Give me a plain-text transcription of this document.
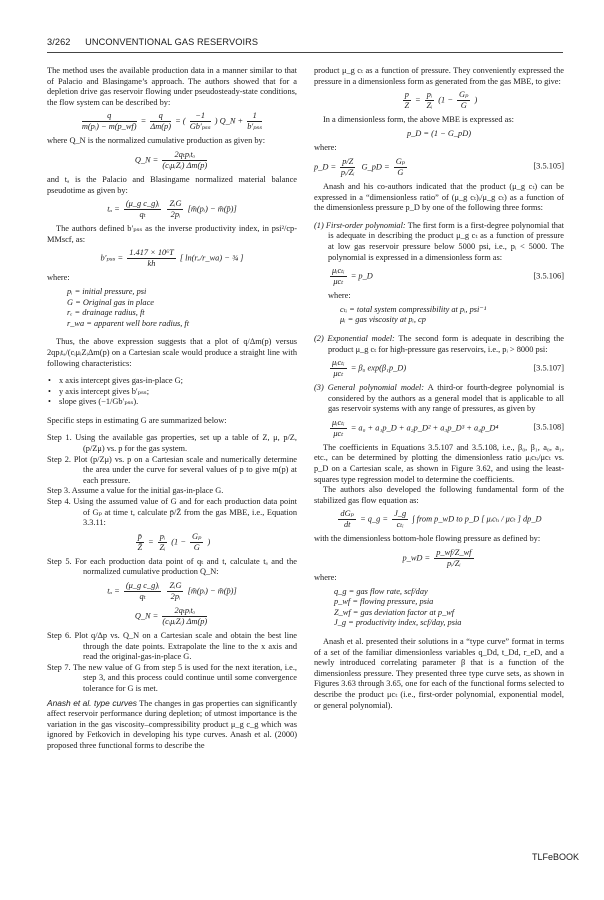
3/262 UNCONVENTIONAL GAS RESERVOIRS

The method uses the available production data in a manner similar to that of Palacio and Blasingame’s approach. The authors showed that for a depletion drive gas reservoir flowing under pseudosteady-state conditions, the flow system can be described by:

$\frac{q}{\text{m(pᵢ) − m(p\_wf)}} = \frac{q}{\Delta m(p)}$ = ( $\frac{-1}{\text{Gb′ₚₛₛ}}$ ) Q_N + $\frac{1}{\text{b′ₚₛₛ}}$

where Q_N is the normalized cumulative production as given by:

Q_N = $\frac{\text{2qₜpᵢtₐ}}{\text{(cᵢμᵢZᵢ) Δm(p)}}$

and tₐ is the Palacio and Blasingame normalized material balance pseudotime as given by:

$t_a = \frac{\text{(μ\_g c\_g)ᵢ}}{\text{qₜ}}$
$\frac{\text{ZᵢG}}{\text{2pᵢ}}$ [m̄(pᵢ) − m̄(p̄)]

The authors defined b′ₚₛₛ as the inverse productivity index, in psi²/cp-MMscf, as:

$b'_{pss} = \frac{\text{1.417 × 10⁶T}}{kh}$ [ ln(rₑ/r_wa) − ¾ ]

where:

pᵢ = initial pressure, psi
G = Original gas in place
rₑ = drainage radius, ft
r_wa = apparent well bore radius, ft

Thus, the above expression suggests that a plot of q/Δm(p) versus 2qpᵢtₐ/(cᵢμᵢZᵢΔm(p) on a Cartesian scale would produce a straight line with following characteristics:

• x axis intercept gives gas-in-place G;
• y axis intercept gives b′ₚₛₛ;
• slope gives (−1/Gb′ₚₛₛ).

Specific steps in estimating G are summarized below:

Step 1. Using the available gas properties, set up a table of Z, μ, p/Z, (p/Zμ) vs. p for the gas system.
Step 2. Plot (p/Zμ) vs. p on a Cartesian scale and numerically determine the area under the curve for several values of p to give m(p) at each pressure.
Step 3. Assume a value for the initial gas-in-place G.
Step 4. Using the assumed value of G and for each production data point of Gₚ at time t, calculate p̄/Z̄ from the gas MBE, i.e., Equation 3.3.11:
$\frac{p̄}{Z̄} = \frac{\text{pᵢ}}{\text{Zᵢ}} (1 - \frac{\text{Gₚ}}{G}$ )
Step 5. For each production data point of qₜ and t, calculate tₐ and the normalized cumulative production Q_N:
$t_a = \frac{\text{(μ\_g c\_g)ᵢ}}{\text{qₜ}}$
$\frac{\text{ZᵢG}}{\text{2pᵢ}}$ [m̄(pᵢ) − m̄(p̄)]
Q_N = $\frac{\text{2qₜpᵢtₐ}}{\text{(cᵢμᵢZᵢ) Δm(p)}}$
Step 6. Plot q/Δp vs. Q_N on a Cartesian scale and obtain the best line through the date points. Extrapolate the line to the x axis and read the original-gas-in-place G.
Step 7. The new value of G from step 5 is used for the next iteration, i.e., step 3, and this process could continue until some convergence tolerance for G is met.

Anash et al. type curves The changes in gas properties can significantly affect reservoir performance during depletion; of utmost importance is the variation in the gas viscosity–compressibility product μ_g c_g which was ignored by Fetkovich in developing his type curves. Anash et al. (2000) proposed three functional forms to describe the

product μ_g cₜ as a function of pressure. They conveniently expressed the pressure in a dimensionless form as generated from the gas MBE, to give:

$\frac{p}{Z} = \frac{\text{pᵢ}}{\text{Zᵢ}} (1 - \frac{\text{Gₚ}}{G}$ )

In a dimensionless form, the above MBE is expressed as:

p_D = (1 − G_pD)

where:

p_D = $\frac{p/Z}{\text{pᵢ/Zᵢ}}$ G_pD = $\frac{\text{Gₚ}}{G}$	[3.5.105]

Anash and his co-authors indicated that the product (μ_g cₜ) can be expressed in a “dimensionless ratio” of (μ_g cₜ)ᵢ/μ_g cₜ) as a function of the dimensionless pressure p_D by one of the following three forms:

(1) First-order polynomial: The first form is a first-degree polynomial that is adequate in describing the product μ_g cₜ as a function of pressure at low gas reservoir pressure below 5000 psi, i.e., pᵢ < 5000. The polynomial is expressed in a dimensionless form as:
$\frac{\text{μᵢcₜᵢ}}{\text{μcₜ}}$ = p_D	[3.5.106]

where:

cₜᵢ = total system compressibility at pᵢ, psi⁻¹
μᵢ = gas viscosity at pᵢ, cp
(2) Exponential model: The second form is adequate in describing the product μ_g cₜ for high-pressure gas reservoirs, i.e., pᵢ > 8000 psi:
$\frac{\text{μᵢcₜᵢ}}{\text{μcₜ}} = \beta_0$ exp(β₁p_D)	[3.5.107]
(3) General polynomial model: A third-or fourth-degree polynomial is considered by the authors as a general model that is applicable to all gas reservoir systems with any range of pressures, as given by
$\frac{\text{μᵢcₜᵢ}}{\text{μcₜ}} = a_0$ + a₁p_D + a₂p_D² + a₃p_D³ + a₄p_D⁴	[3.5.108]

The coefficients in Equations 3.5.107 and 3.5.108, i.e., β₀, β₁, a₀, a₁, etc., can be determined by plotting the dimensionless ratio μᵢcₜᵢ/μcₜ vs. p_D on a Cartesian scale, as shown in Figure 3.62, and using the least-squares type regression model to determine the coefficients.

The authors also developed the following fundamental form of the stabilized gas flow equation as:

$\frac{\text{dGₚ}}{dt}$ = q_g = $\frac{J\_g}{\text{cₜᵢ}}$ ∫ from p_wD to p_D [ μᵢcₜᵢ / μcₜ ] dp_D

with the dimensionless bottom-hole flowing pressure as defined by:

p_wD = $\frac{p\_wf/Z\_wf}{\text{pᵢ/Zᵢ}}$

where:

q_g = gas flow rate, scf/day
p_wf = flowing pressure, psia
Z_wf = gas deviation factor at p_wf
J_g = productivity index, scf/day, psia

Anash et al. presented their solutions in a “type curve” format in terms of a set of the familiar dimensionless variables q_Dd, t_Dd, r_eD, and a newly introduced correlating parameter β that is a function of the dimensionless pressure. They presented three type curve sets, as shown in Figures 3.63 through 3.65, one for each of the functional forms selected to describe the product μcₜ (i.e., first-order polynomial, exponential model, or general polynomial).

TLFeBOOK
